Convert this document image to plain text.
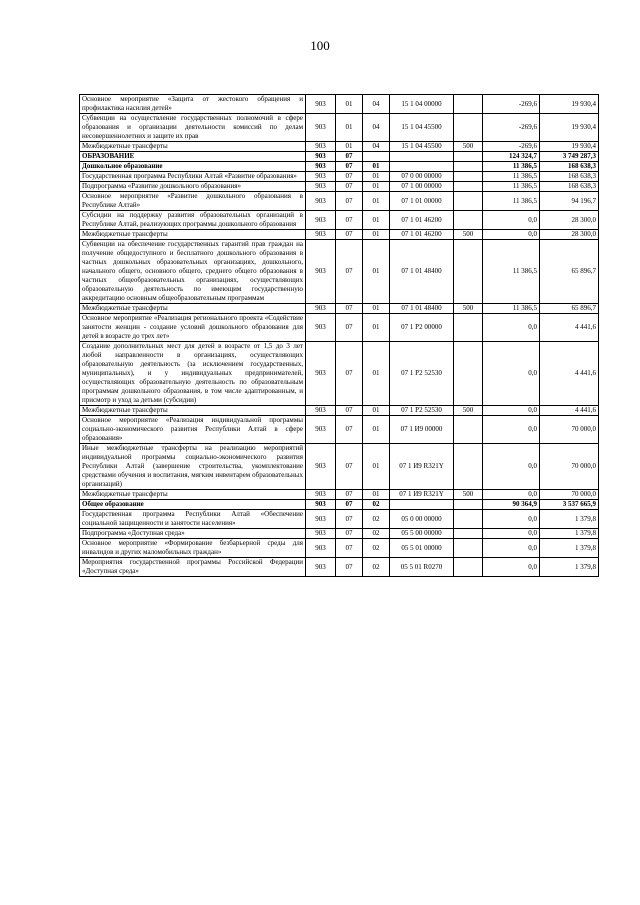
100
Основное мероприятие «Защита от жестокого обращения и профилактика насилия детей»	903	01	04	15 1 04 00000		-269,6	19 930,4
Субвенции на осуществление государственных полномочий в сфере образования и организации деятельности комиссий по делам несовершеннолетних и защите их прав	903	01	04	15 1 04 45500		-269,6	19 930,4
Межбюджетные трансферты	903	01	04	15 1 04 45500	500	-269,6	19 930,4
ОБРАЗОВАНИЕ	903	07				124 324,7	3 749 287,3
Дошкольное образование	903	07	01			11 386,5	168 638,3
Государственная программа Республики Алтай «Развитие образования»	903	07	01	07 0 00 00000		11 386,5	168 638,3
Подпрограмма «Развитие дошкольного образования»	903	07	01	07 1 00 00000		11 386,5	168 638,3
Основное мероприятие «Развитие дошкольного образования в Республике Алтай»	903	07	01	07 1 01 00000		11 386,5	94 196,7
Субсидии на поддержку развития образовательных организаций в Республике Алтай, реализующих программы дошкольного образования	903	07	01	07 1 01 46200		0,0	28 300,0
Межбюджетные трансферты	903	07	01	07 1 01 46200	500	0,0	28 300,0
Субвенции на обеспечение государственных гарантий прав граждан на получение общедоступного и бесплатного дошкольного образования в частных дошкольных образовательных организациях, дошкольного, начального общего, основного общего, среднего общего образования в частных общеобразовательных организациях, осуществляющих образовательную деятельность по имеющим государственную аккредитацию основным общеобразовательным программам	903	07	01	07 1 01 48400		11 386,5	65 896,7
Межбюджетные трансферты	903	07	01	07 1 01 48400	500	11 386,5	65 896,7
Основное мероприятие «Реализация регионального проекта «Содействие занятости женщин - создание условий дошкольного образования для детей в возрасте до трех лет»	903	07	01	07 1 P2 00000		0,0	4 441,6
Создание дополнительных мест для детей в возрасте от 1,5 до 3 лет любой направленности в организациях, осуществляющих образовательную деятельность (за исключением государственных, муниципальных), и у индивидуальных предпринимателей, осуществляющих образовательную деятельность по образовательным программам дошкольного образования, в том числе адаптированным, и присмотр и уход за детьми (субсидии)	903	07	01	07 1 P2 52530		0,0	4 441,6
Межбюджетные трансферты	903	07	01	07 1 P2 52530	500	0,0	4 441,6
Основное мероприятие «Реализация индивидуальной программы социально-экономического развития Республики Алтай в сфере образования»	903	07	01	07 1 И9 00000		0,0	70 000,0
Иные межбюджетные трансферты на реализацию мероприятий индивидуальной программы социально-экономического развития Республики Алтай (завершение строительства, укомплектование средствами обучения и воспитания, мягким инвентарем образовательных организаций)	903	07	01	07 1 И9 R321Y		0,0	70 000,0
Межбюджетные трансферты	903	07	01	07 1 И9 R321Y	500	0,0	70 000,0
Общее образование	903	07	02			90 364,9	3 537 665,9
Государственная программа Республики Алтай «Обеспечение социальной защищенности и занятости населения»	903	07	02	05 0 00 00000		0,0	1 379,8
Подпрограмма «Доступная среда»	903	07	02	05 5 00 00000		0,0	1 379,8
Основное мероприятие «Формирование безбарьерной среды для инвалидов и других маломобильных граждан»	903	07	02	05 5 01 00000		0,0	1 379,8
Мероприятия государственной программы Российской Федерации «Доступная среда»	903	07	02	05 5 01 R0270		0,0	1 379,8
